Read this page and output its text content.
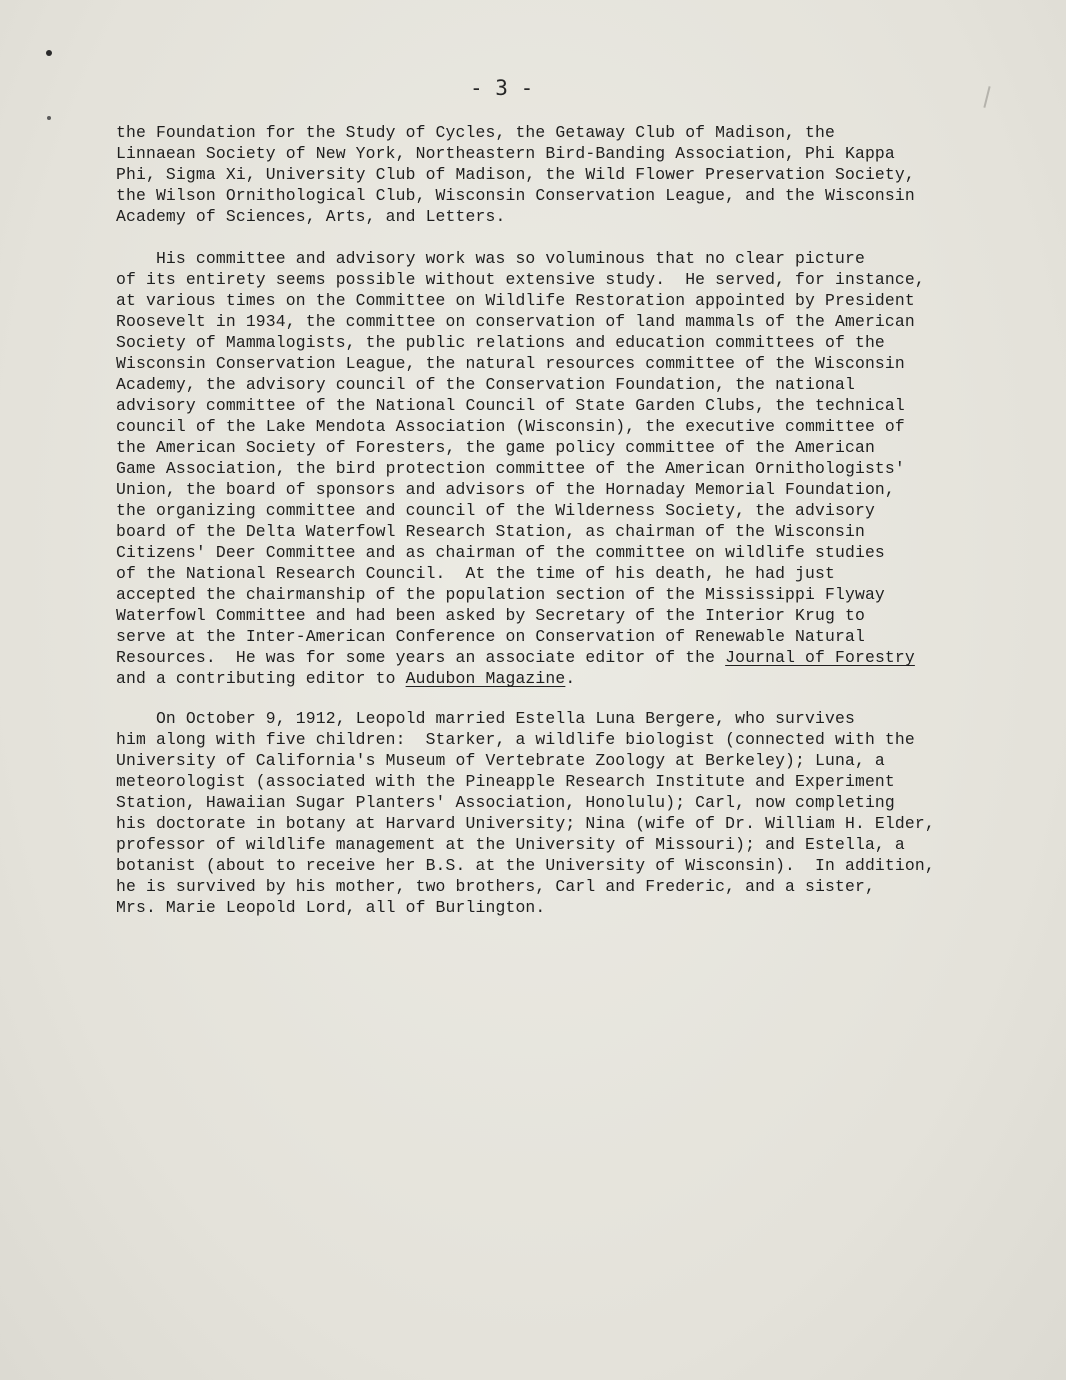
- 3 -
the Foundation for the Study of Cycles, the Getaway Club of Madison, the
Linnaean Society of New York, Northeastern Bird-Banding Association, Phi Kappa
Phi, Sigma Xi, University Club of Madison, the Wild Flower Preservation Society,
the Wilson Ornithological Club, Wisconsin Conservation League, and the Wisconsin
Academy of Sciences, Arts, and Letters.
His committee and advisory work was so voluminous that no clear picture
of its entirety seems possible without extensive study.  He served, for instance,
at various times on the Committee on Wildlife Restoration appointed by President
Roosevelt in 1934, the committee on conservation of land mammals of the American
Society of Mammalogists, the public relations and education committees of the
Wisconsin Conservation League, the natural resources committee of the Wisconsin
Academy, the advisory council of the Conservation Foundation, the national
advisory committee of the National Council of State Garden Clubs, the technical
council of the Lake Mendota Association (Wisconsin), the executive committee of
the American Society of Foresters, the game policy committee of the American
Game Association, the bird protection committee of the American Ornithologists'
Union, the board of sponsors and advisors of the Hornaday Memorial Foundation,
the organizing committee and council of the Wilderness Society, the advisory
board of the Delta Waterfowl Research Station, as chairman of the Wisconsin
Citizens' Deer Committee and as chairman of the committee on wildlife studies
of the National Research Council.  At the time of his death, he had just
accepted the chairmanship of the population section of the Mississippi Flyway
Waterfowl Committee and had been asked by Secretary of the Interior Krug to
serve at the Inter-American Conference on Conservation of Renewable Natural
Resources.  He was for some years an associate editor of the Journal of Forestry
and a contributing editor to Audubon Magazine.
On October 9, 1912, Leopold married Estella Luna Bergere, who survives
him along with five children:  Starker, a wildlife biologist (connected with the
University of California's Museum of Vertebrate Zoology at Berkeley); Luna, a
meteorologist (associated with the Pineapple Research Institute and Experiment
Station, Hawaiian Sugar Planters' Association, Honolulu); Carl, now completing
his doctorate in botany at Harvard University; Nina (wife of Dr. William H. Elder,
professor of wildlife management at the University of Missouri); and Estella, a
botanist (about to receive her B.S. at the University of Wisconsin).  In addition,
he is survived by his mother, two brothers, Carl and Frederic, and a sister,
Mrs. Marie Leopold Lord, all of Burlington.
